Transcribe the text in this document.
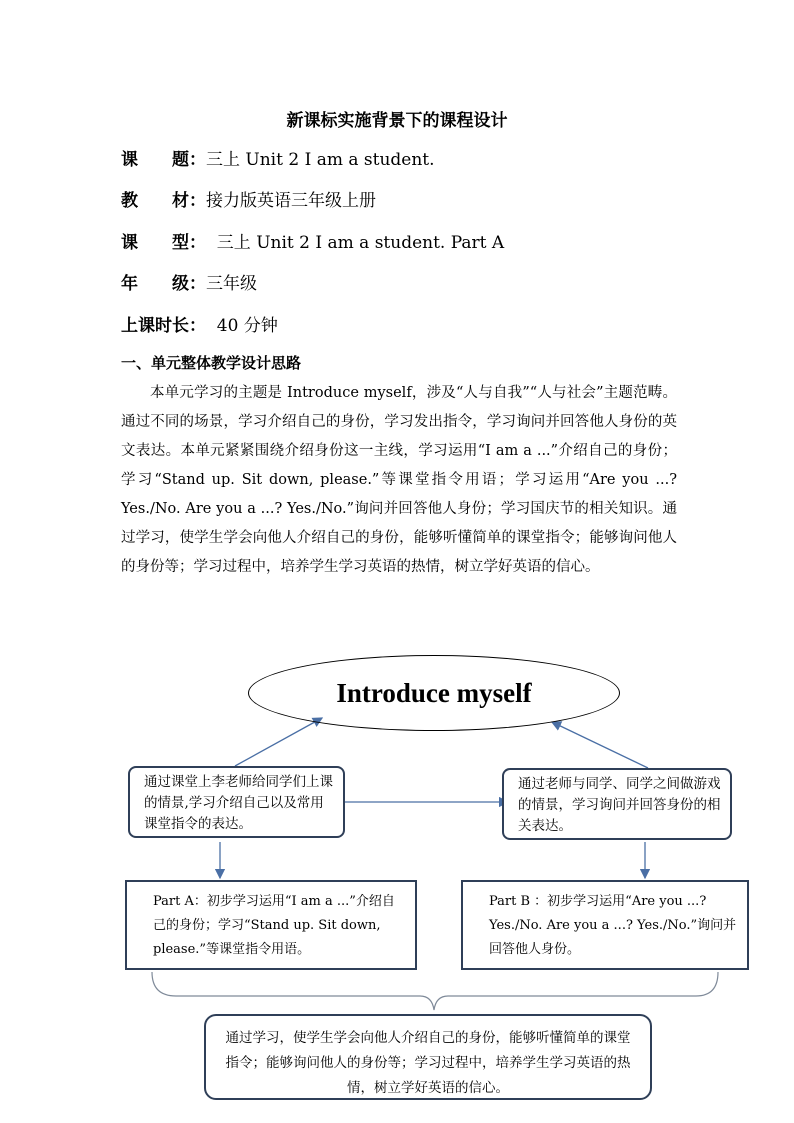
新课标实施背景下的课程设计
课　　题：三上 Unit 2 I am a student.
教　　材：接力版英语三年级上册
课　　型：  三上 Unit 2 I am a student. Part A
年　　级：三年级
上课时长：  40 分钟
一、单元整体教学设计思路

本单元学习的主题是 Introduce myself，涉及“人与自我”“人与社会”主题范畴。通过不同的场景，学习介绍自己的身份，学习发出指令，学习询问并回答他人身份的英文表达。本单元紧紧围绕介绍身份这一主线，学习运用“I am a ...”介绍自己的身份；学习“Stand up. Sit down, please.”等课堂指令用语；学习运用“Are you ...? Yes./No. Are you a ...? Yes./No.”询问并回答他人身份；学习国庆节的相关知识。通过学习，使学生学会向他人介绍自己的身份，能够听懂简单的课堂指令；能够询问他人的身份等；学习过程中，培养学生学习英语的热情，树立学好英语的信心。

Introduce myself
通过课堂上李老师给同学们上课的情景,学习介绍自己以及常用课堂指令的表达。
通过老师与同学、同学之间做游戏的情景，学习询问并回答身份的相关表达。
Part A：初步学习运用“I am a ...”介绍自己的身份；学习“Stand up. Sit down, please.”等课堂指令用语。
Part B ：初步学习运用“Are you ...? Yes./No. Are you a ...? Yes./No.”询问并回答他人身份。
通过学习，使学生学会向他人介绍自己的身份，能够听懂简单的课堂指令；能够询问他人的身份等；学习过程中，培养学生学习英语的热情，树立学好英语的信心。
